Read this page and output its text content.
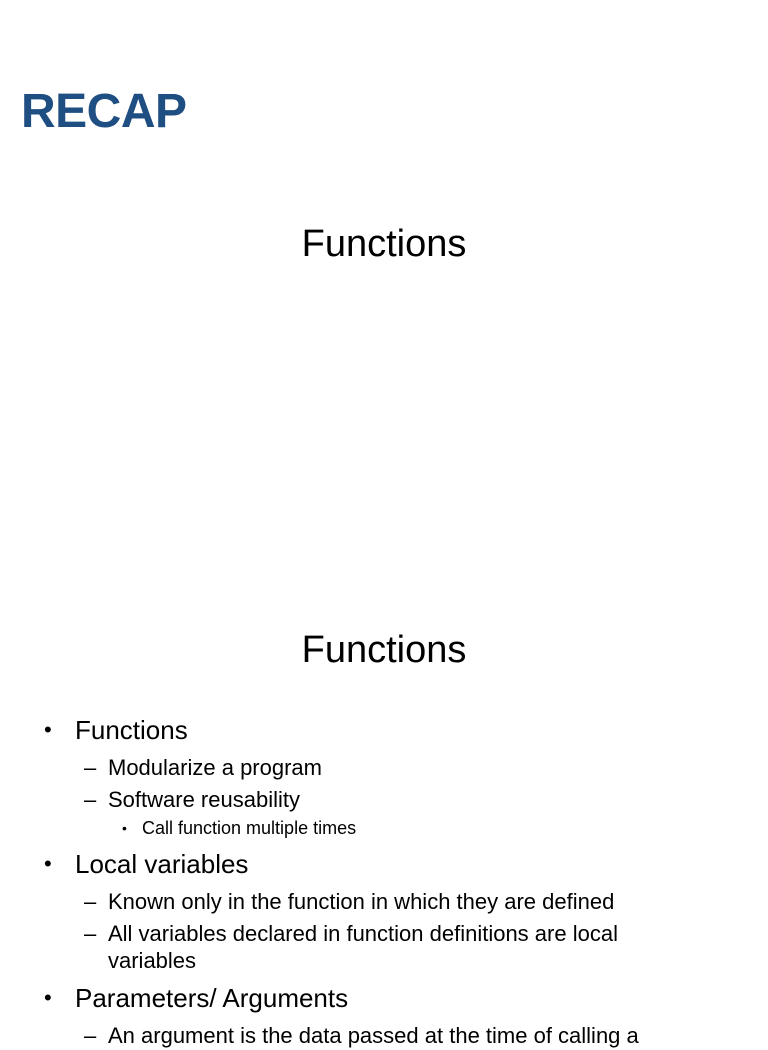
RECAP
Functions
Functions
• Functions
– Modularize a program
– Software reusability
• Call function multiple times
• Local variables
– Known only in the function in which they are defined
– All variables declared in function definitions are local variables
• Parameters/ Arguments
– An argument is the data passed at the time of calling a
